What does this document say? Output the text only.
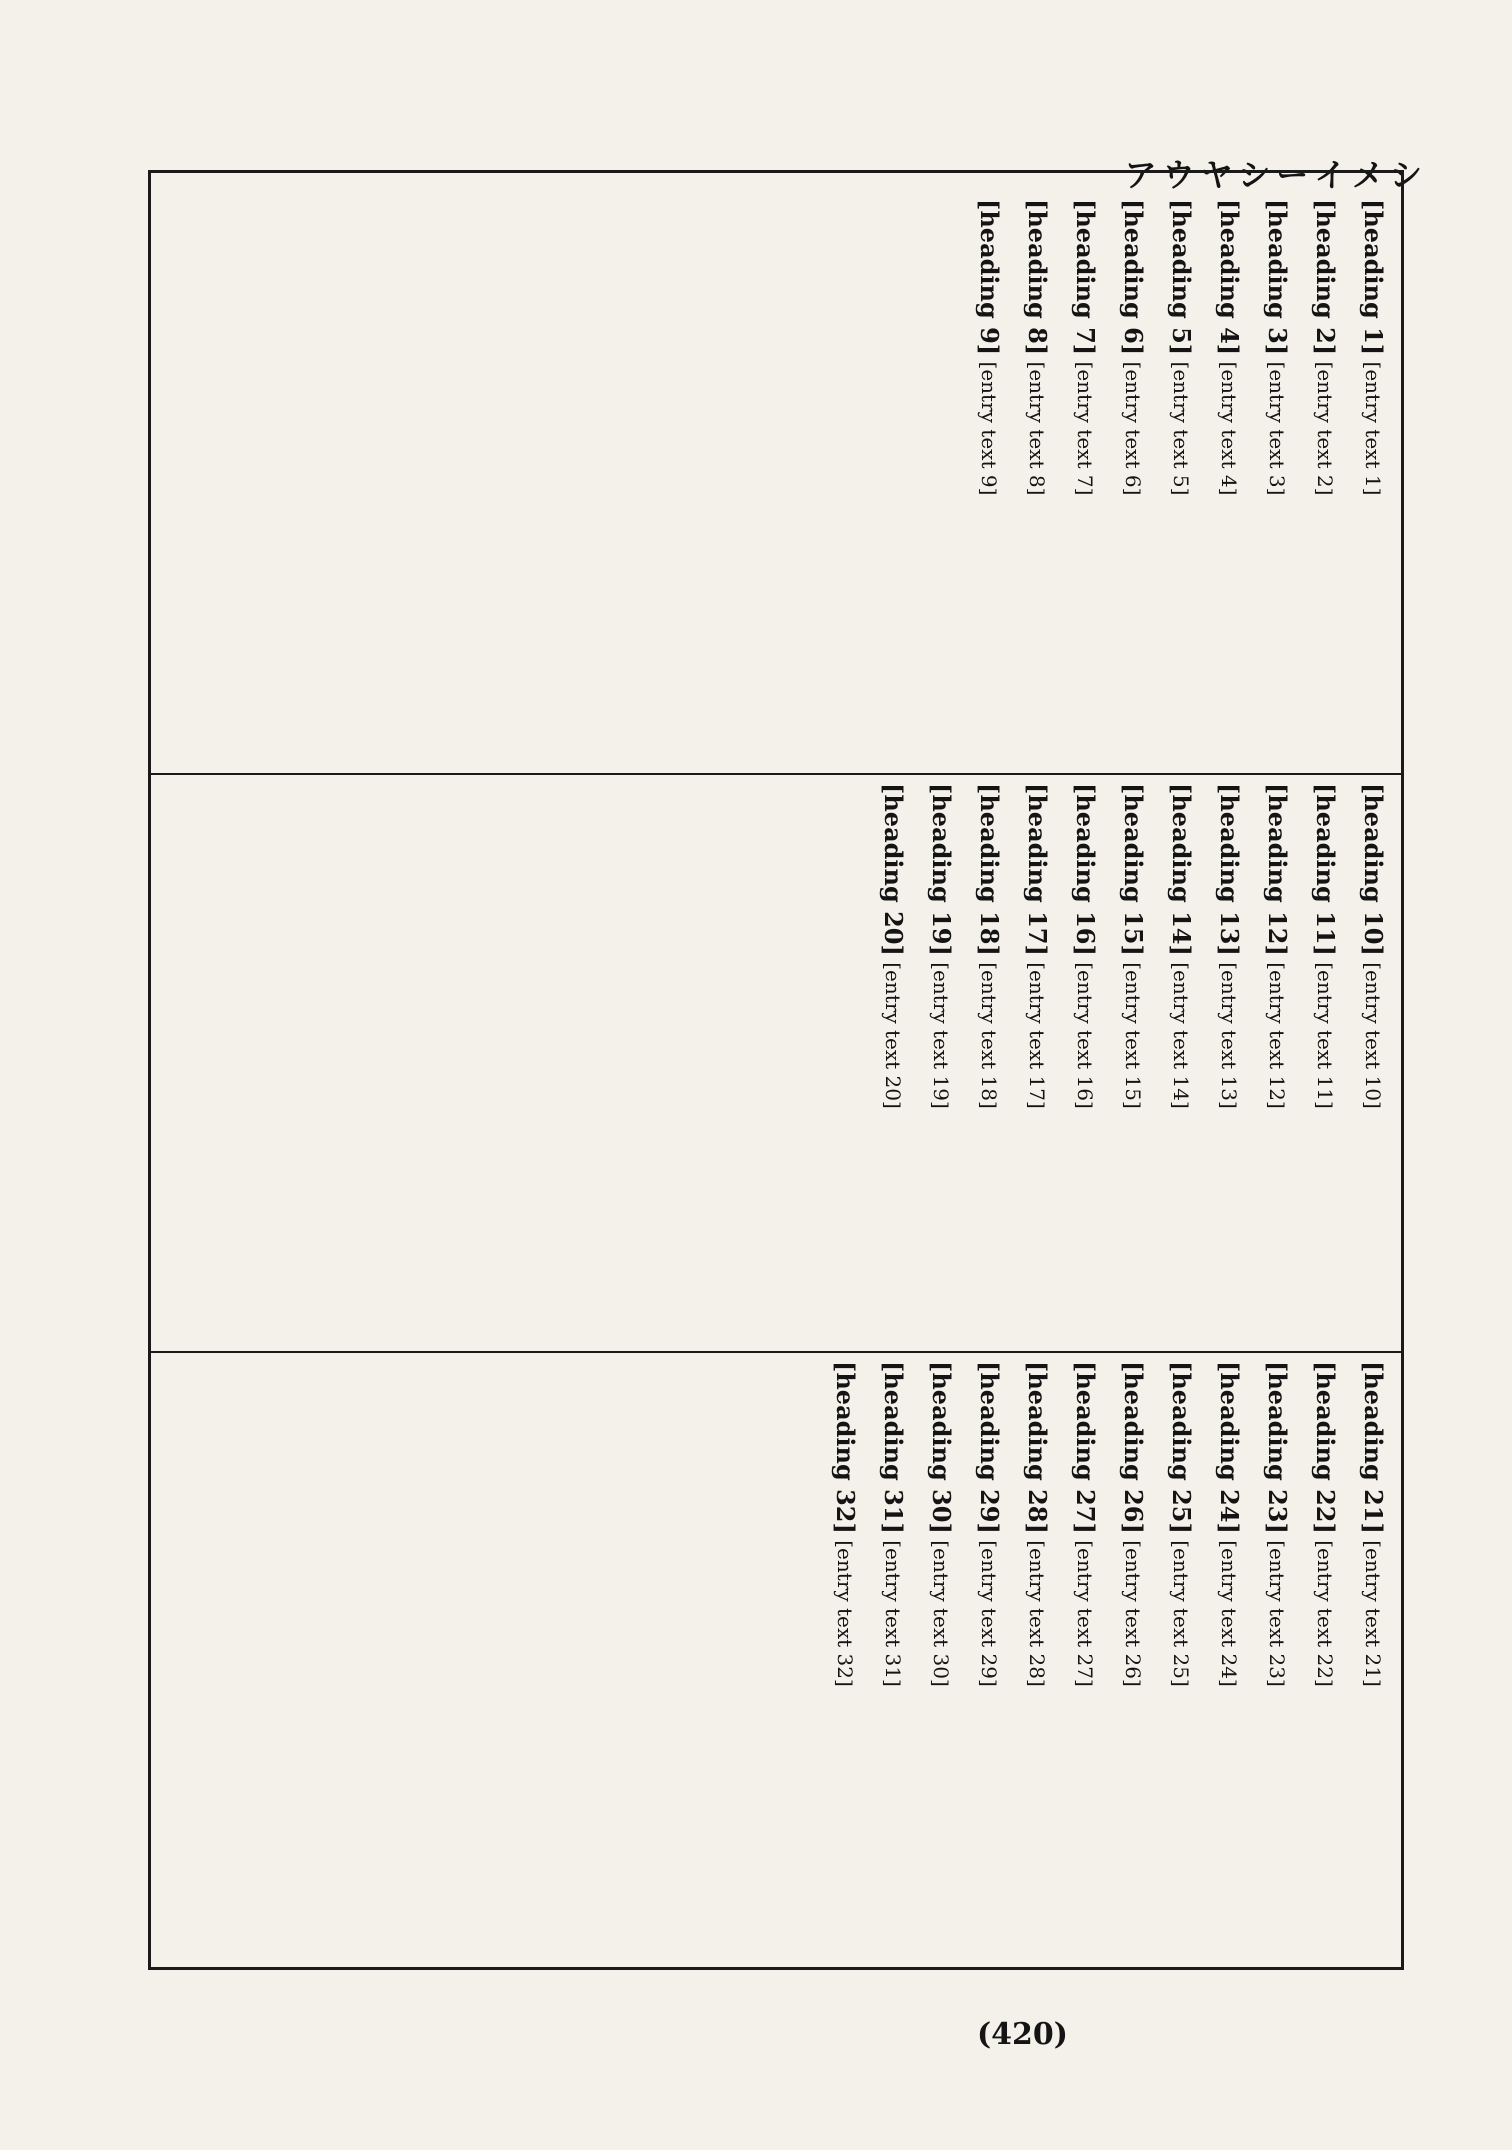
アウヤシーイメシ
[heading 1] [entry text 1]
[heading 2] [entry text 2]
[heading 3] [entry text 3]
[heading 4] [entry text 4]
[heading 5] [entry text 5]
[heading 6] [entry text 6]
[heading 7] [entry text 7]
[heading 8] [entry text 8]
[heading 9] [entry text 9]
[heading 10] [entry text 10]
[heading 11] [entry text 11]
[heading 12] [entry text 12]
[heading 13] [entry text 13]
[heading 14] [entry text 14]
[heading 15] [entry text 15]
[heading 16] [entry text 16]
[heading 17] [entry text 17]
[heading 18] [entry text 18]
[heading 19] [entry text 19]
[heading 20] [entry text 20]
[heading 21] [entry text 21]
[heading 22] [entry text 22]
[heading 23] [entry text 23]
[heading 24] [entry text 24]
[heading 25] [entry text 25]
[heading 26] [entry text 26]
[heading 27] [entry text 27]
[heading 28] [entry text 28]
[heading 29] [entry text 29]
[heading 30] [entry text 30]
[heading 31] [entry text 31]
[heading 32] [entry text 32]
(420)
